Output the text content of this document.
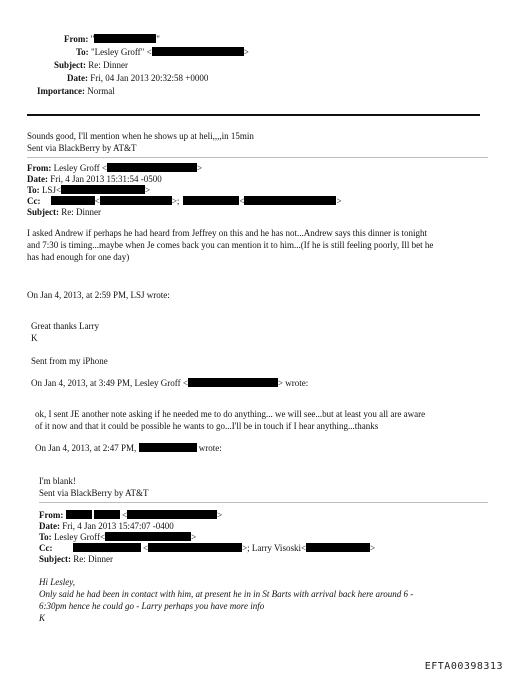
From: "	"
To: "Lesley Groff" <	>
Subject: Re: Dinner
Date: Fri, 04 Jan 2013 20:32:58 +0000
Importance: Normal
Sounds good, I'll mention when he shows up at heli,,,,in 15min
Sent via BlackBerry by AT&T
From: Lesley Groff <	>
Date: Fri, 4 Jan 2013 15:31:54 -0500
To: LSJ<	>
Cc:	<	>;	<	>
Subject: Re: Dinner
I asked Andrew if perhaps he had heard from Jeffrey on this and he has not...Andrew says this dinner is tonight
and 7:30 is timing...maybe when Je comes back you can mention it to him...(If he is still feeling poorly, Ill bet he
has had enough for one day)
On Jan 4, 2013, at 2:59 PM, LSJ wrote:
Great thanks Larry
K
Sent from my iPhone
On Jan 4, 2013, at 3:49 PM, Lesley Groff <	> wrote:
ok, I sent JE another note asking if he needed me to do anything... we will see...but at least you all are aware
of it now and that it could be possible he wants to go...I'll be in touch if I hear anything...thanks
On Jan 4, 2013, at 2:47 PM,	wrote:
I'm blank!
Sent via BlackBerry by AT&T
From:	<	>
Date: Fri, 4 Jan 2013 15:47:07 -0400
To: Lesley Groff<	>
Cc:	<	>; Larry Visoski<	>
Subject: Re: Dinner
Hi Lesley,
Only said he had been in contact with him, at present he in in St Barts with arrival back here around 6 -
6:30pm hence he could go - Larry perhaps you have more info
K
EFTA00398313
